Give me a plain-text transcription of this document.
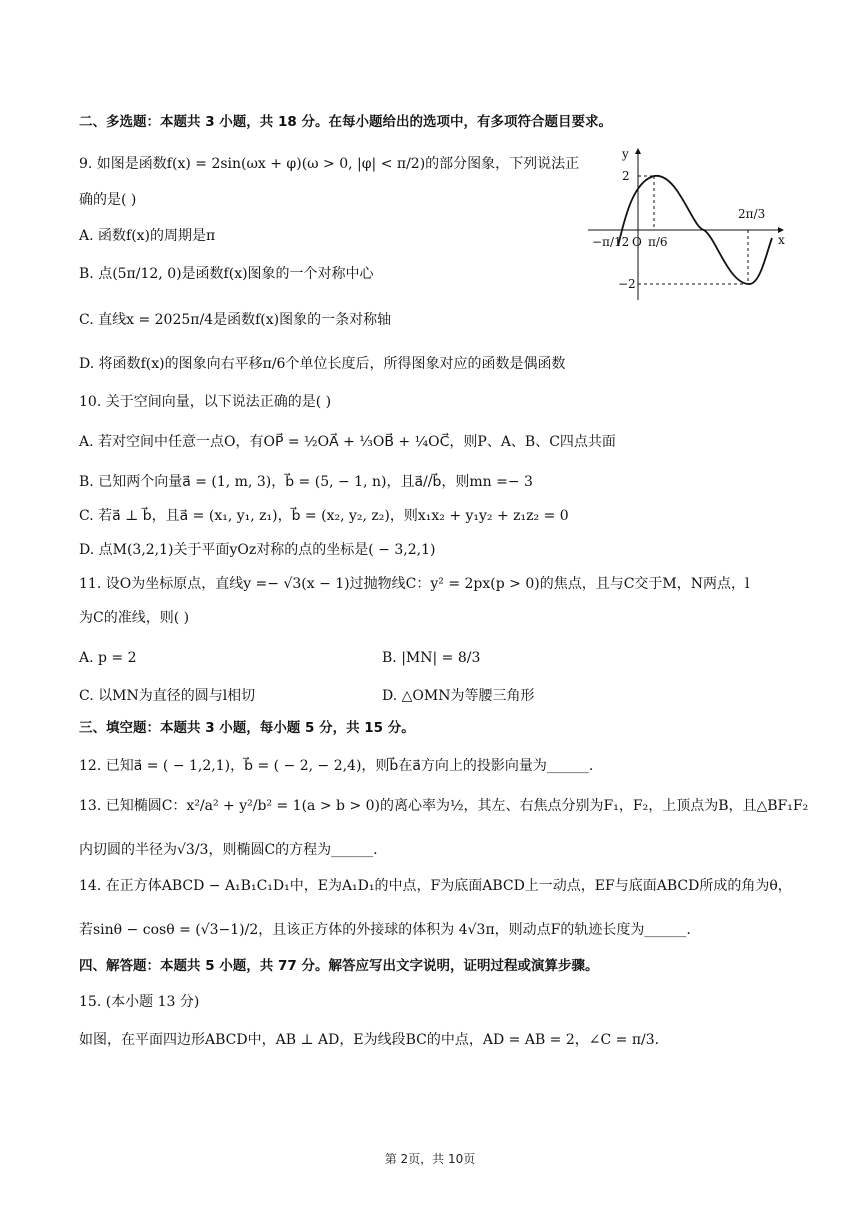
二、多选题：本题共 3 小题，共 18 分。在每小题给出的选项中，有多项符合题目要求。
9. 如图是函数f(x) = 2sin(ωx + φ)(ω > 0, |φ| < π/2)的部分图象，下列说法正
确的是( )
A. 函数f(x)的周期是π
B. 点(5π/12, 0)是函数f(x)图象的一个对称中心
C. 直线x = 2025π/4是函数f(x)图象的一条对称轴
D. 将函数f(x)的图象向右平移π/6个单位长度后，所得图象对应的函数是偶函数
y
x
2
−2
O
−π/12 π/6
2π/3
10. 关于空间向量，以下说法正确的是( )
A. 若对空间中任意一点O，有OP⃗ = ½OA⃗ + ⅓OB⃗ + ¼OC⃗，则P、A、B、C四点共面
B. 已知两个向量a⃗ = (1, m, 3)，b⃗ = (5, − 1, n)，且a⃗//b⃗，则mn =− 3
C. 若a⃗ ⊥ b⃗，且a⃗ = (x₁, y₁, z₁)，b⃗ = (x₂, y₂, z₂)，则x₁x₂ + y₁y₂ + z₁z₂ = 0
D. 点M(3,2,1)关于平面yOz对称的点的坐标是( − 3,2,1)
11. 设O为坐标原点，直线y =− √3(x − 1)过抛物线C：y² = 2px(p > 0)的焦点，且与C交于M，N两点，l
为C的准线，则( )
A. p = 2	B. |MN| = 8/3
C. 以MN为直径的圆与l相切	D. △OMN为等腰三角形
三、填空题：本题共 3 小题，每小题 5 分，共 15 分。
12. 已知a⃗ = ( − 1,2,1)，b⃗ = ( − 2, − 2,4)，则b⃗在a⃗方向上的投影向量为______.
13. 已知椭圆C：x²/a² + y²/b² = 1(a > b > 0)的离心率为½，其左、右焦点分别为F₁，F₂，上顶点为B，且△BF₁F₂
内切圆的半径为√3/3，则椭圆C的方程为______.
14. 在正方体ABCD − A₁B₁C₁D₁中，E为A₁D₁的中点，F为底面ABCD上一动点，EF与底面ABCD所成的角为θ，
若sinθ − cosθ = (√3−1)/2，且该正方体的外接球的体积为 4√3π，则动点F的轨迹长度为______.
四、解答题：本题共 5 小题，共 77 分。解答应写出文字说明，证明过程或演算步骤。
15. (本小题 13 分)
如图，在平面四边形ABCD中，AB ⊥ AD，E为线段BC的中点，AD = AB = 2，∠C = π/3.
第 2页，共 10页
